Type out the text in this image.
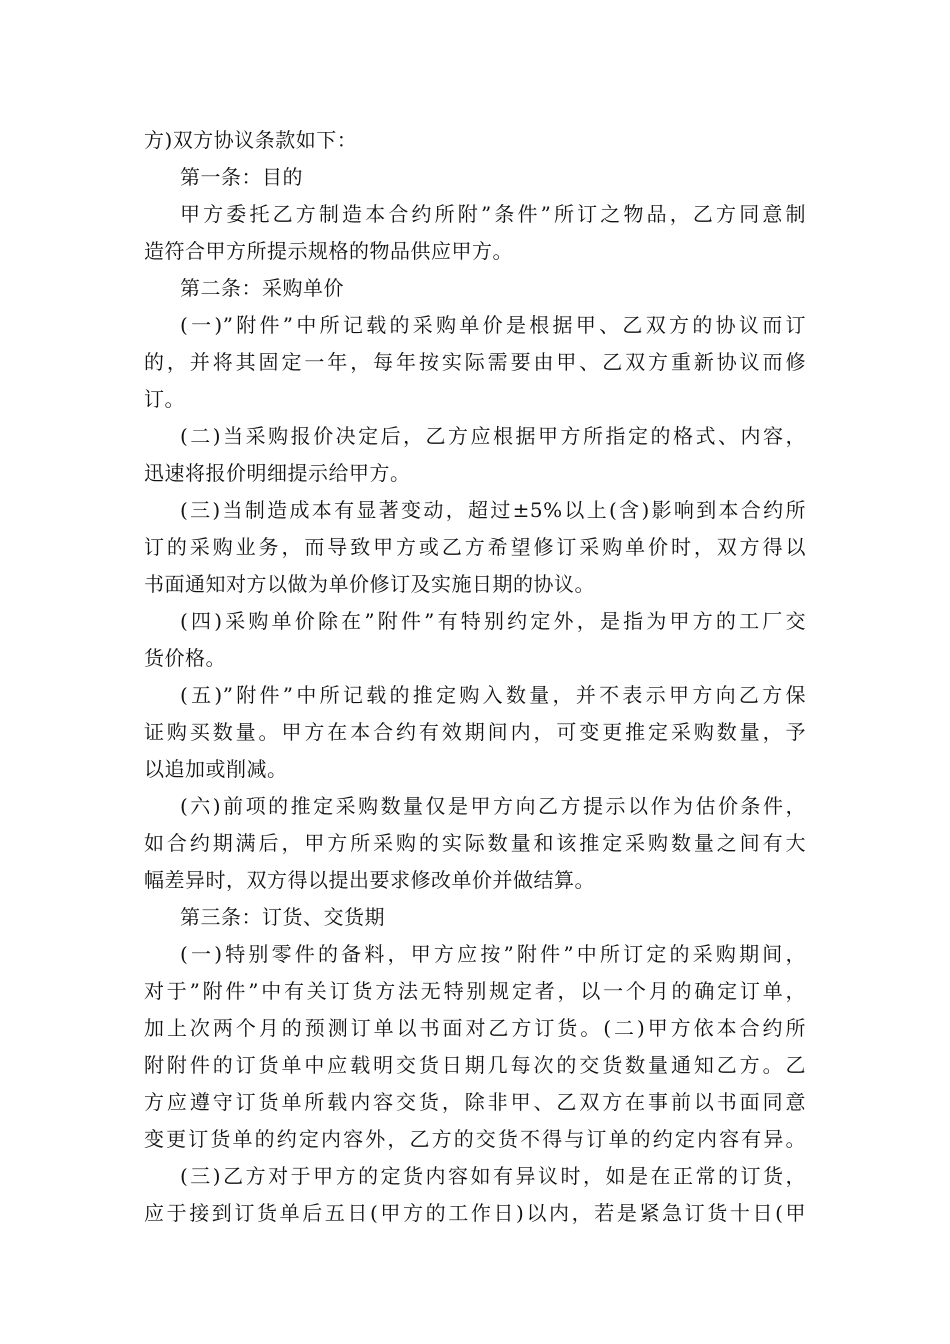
方)双方协议条款如下：
第一条：目的
甲方委托乙方制造本合约所附”条件”所订之物品，乙方同意制
造符合甲方所提示规格的物品供应甲方。
第二条：采购单价
(一)”附件”中所记载的采购单价是根据甲、乙双方的协议而订
的，并将其固定一年，每年按实际需要由甲、乙双方重新协议而修
订。
(二)当采购报价决定后，乙方应根据甲方所指定的格式、内容，
迅速将报价明细提示给甲方。
(三)当制造成本有显著变动，超过±5%以上(含)影响到本合约所
订的采购业务，而导致甲方或乙方希望修订采购单价时，双方得以
书面通知对方以做为单价修订及实施日期的协议。
(四)采购单价除在”附件”有特别约定外，是指为甲方的工厂交
货价格。
(五)”附件”中所记载的推定购入数量，并不表示甲方向乙方保
证购买数量。甲方在本合约有效期间内，可变更推定采购数量，予
以追加或削减。
(六)前项的推定采购数量仅是甲方向乙方提示以作为估价条件，
如合约期满后，甲方所采购的实际数量和该推定采购数量之间有大
幅差异时，双方得以提出要求修改单价并做结算。
第三条：订货、交货期
(一)特别零件的备料，甲方应按”附件”中所订定的采购期间，
对于”附件”中有关订货方法无特别规定者，以一个月的确定订单，
加上次两个月的预测订单以书面对乙方订货。(二)甲方依本合约所
附附件的订货单中应载明交货日期几每次的交货数量通知乙方。乙
方应遵守订货单所载内容交货，除非甲、乙双方在事前以书面同意
变更订货单的约定内容外，乙方的交货不得与订单的约定内容有异。
(三)乙方对于甲方的定货内容如有异议时，如是在正常的订货，
应于接到订货单后五日(甲方的工作日)以内，若是紧急订货十日(甲
